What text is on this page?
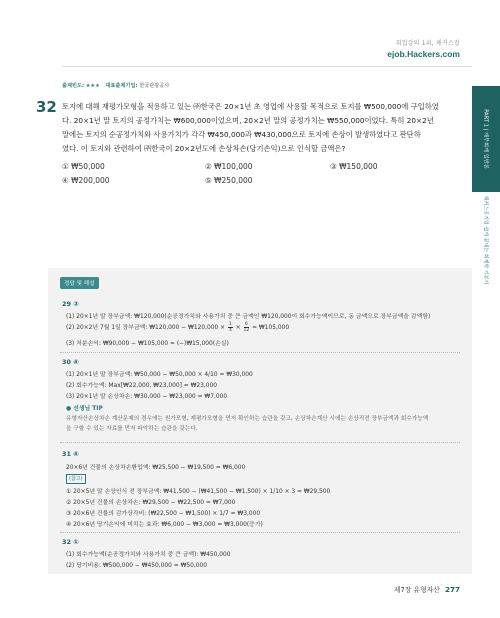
취업강의 1위, 해커스잡
ejob.Hackers.com
PART 1 | 재무회계 일반론
해커스공기업 쉽게 끝내는 회계학 기본서
출제빈도: ★★★ 대표출제기업: 한국관광공사
32 토지에 대해 재평가모형을 적용하고 있는 ㈜한국은 20×1년 초 영업에 사용할 목적으로 토지를 ₩500,000에 구입하였
다. 20×1년 말 토지의 공정가치는 ₩600,000이었으며, 20×2년 말의 공정가치는 ₩550,000이었다. 특히 20×2년
말에는 토지의 순공정가치와 사용가치가 각각 ₩450,000과 ₩430,000으로 토지에 손상이 발생하였다고 판단하
였다. 이 토지와 관련하여 ㈜한국이 20×2년도에 손상차손(당기손익)으로 인식할 금액은?
① ₩50,000	② ₩100,000	③ ₩150,000
④ ₩200,000	⑤ ₩250,000
정답 및 해설
29 ③
(1) 20×1년 말 장부금액: ₩120,000(순공정가치와 사용가치 중 큰 금액인 ₩120,000이 회수가능액이므로, 동 금액으로 장부금액을 감액함)
(2) 20×2년 7월 1일 장부금액: ₩120,000 − ₩120,000 × $\frac{1}{4} \times \frac{6}{12}$ = ₩105,000
(3) 처분손익: ₩90,000 − ₩105,000 = (−)₩15,000(손실)
30 ④
(1) 20×1년 말 장부금액: ₩50,000 − ₩50,000 × 4/10 = ₩30,000
(2) 회수가능액: Max[₩22,000, ₩23,000] = ₩23,000
(3) 20×1년 말 손상차손: ₩30,000 − ₩23,000 = ₩7,000
● 선생님 TIP
유형자산손상차손 계산문제의 경우에는 원가모형, 재평가모형을 먼저 확인하는 습관을 갖고, 손상차손계산 시에는 손상직전 장부금액과 회수가능액
을 구할 수 있는 자료를 먼저 파악하는 습관을 갖는다.
31 ④
20×6년 건물의 손상차손환입액: ₩25,500 − ₩19,500 = ₩6,000
(참고)
① 20×5년 말 손상인식 전 장부금액: ₩41,500 − (₩41,500 − ₩1,500) × 1/10 × 3 = ₩29,500
② 20×5년 건물의 손상차손: ₩29,500 − ₩22,500 = ₩7,000
③ 20×6년 건물의 감가상각비: (₩22,500 − ₩1,500) × 1/7 = ₩3,000
④ 20×6년 당기손익에 미치는 효과: ₩6,000 − ₩3,000 = ₩3,000(증가)
32 ①
(1) 회수가능액(순공정가치와 사용가치 중 큰 금액): ₩450,000
(2) 당기비용: ₩500,000 − ₩450,000 = ₩50,000
제7장 유형자산 277
